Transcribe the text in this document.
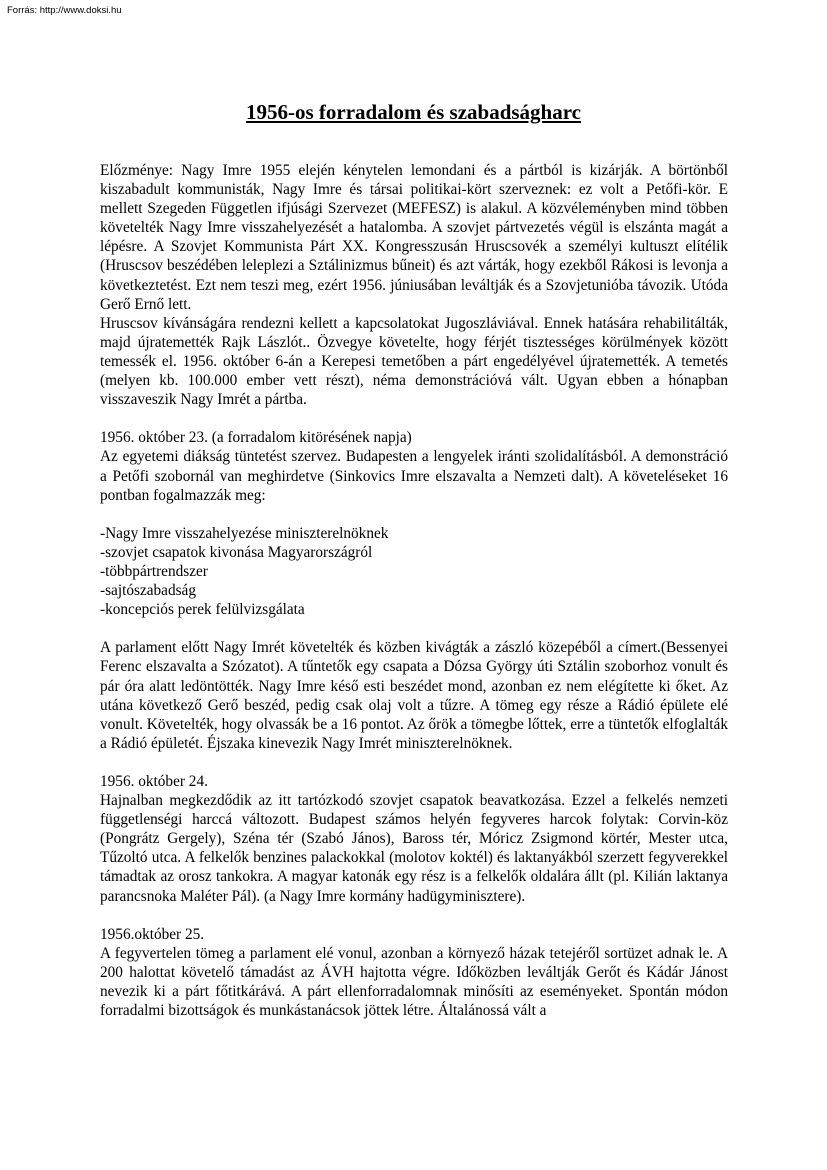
Forrás: http://www.doksi.hu
1956-os forradalom és szabadságharc

Előzménye: Nagy Imre 1955 elején kénytelen lemondani és a pártból is kizárják. A börtönből kiszabadult kommunisták, Nagy Imre és társai politikai-kört szerveznek: ez volt a Petőfi-kör. E mellett Szegeden Független ifjúsági Szervezet (MEFESZ) is alakul. A közvéleményben mind többen követelték Nagy Imre visszahelyezését a hatalomba. A szovjet pártvezetés végül is elszánta magát a lépésre. A Szovjet Kommunista Párt XX. Kongresszusán Hruscsovék a személyi kultuszt elítélik (Hruscsov beszédében leleplezi a Sztálinizmus bűneit) és azt várták, hogy ezekből Rákosi is levonja a következtetést. Ezt nem teszi meg, ezért 1956. júniusában leváltják és a Szovjetunióba távozik. Utóda Gerő Ernő lett.

Hruscsov kívánságára rendezni kellett a kapcsolatokat Jugoszláviával. Ennek hatására rehabilitálták, majd újratemették Rajk Lászlót.. Özvegye követelte, hogy férjét tisztességes körülmények között temessék el. 1956. október 6-án a Kerepesi temetőben a párt engedélyével újratemették. A temetés (melyen kb. 100.000 ember vett részt), néma demonstrációvá vált. Ugyan ebben a hónapban visszaveszik Nagy Imrét a pártba.

1956. október 23. (a forradalom kitörésének napja)

Az egyetemi diákság tüntetést szervez. Budapesten a lengyelek iránti szolidalításból. A demonstráció a Petőfi szobornál van meghirdetve (Sinkovics Imre elszavalta a Nemzeti dalt). A követeléseket 16 pontban fogalmazzák meg:

-Nagy Imre visszahelyezése miniszterelnöknek

-szovjet csapatok kivonása Magyarországról

-többpártrendszer

-sajtószabadság

-koncepciós perek felülvizsgálata

A parlament előtt Nagy Imrét követelték és közben kivágták a zászló közepéből a címert.(Bessenyei Ferenc elszavalta a Szózatot). A tűntetők egy csapata a Dózsa György úti Sztálin szoborhoz vonult és pár óra alatt ledöntötték. Nagy Imre késő esti beszédet mond, azonban ez nem elégítette ki őket. Az utána következő Gerő beszéd, pedig csak olaj volt a tűzre. A tömeg egy része a Rádió épülete elé vonult. Követelték, hogy olvassák be a 16 pontot. Az őrök a tömegbe lőttek, erre a tüntetők elfoglalták a Rádió épületét. Éjszaka kinevezik Nagy Imrét miniszterelnöknek.

1956. október 24.

Hajnalban megkezdődik az itt tartózkodó szovjet csapatok beavatkozása. Ezzel a felkelés nemzeti függetlenségi harccá változott. Budapest számos helyén fegyveres harcok folytak: Corvin-köz (Pongrátz Gergely), Széna tér (Szabó János), Baross tér, Móricz Zsigmond körtér, Mester utca, Tűzoltó utca. A felkelők benzines palackokkal (molotov koktél) és laktanyákból szerzett fegyverekkel támadtak az orosz tankokra. A magyar katonák egy rész is a felkelők oldalára állt (pl. Kilián laktanya parancsnoka Maléter Pál). (a Nagy Imre kormány hadügyminisztere).

1956.október 25.

A fegyvertelen tömeg a parlament elé vonul, azonban a környező házak tetejéről sortüzet adnak le. A 200 halottat követelő támadást az ÁVH hajtotta végre. Időközben leváltják Gerőt és Kádár Jánost nevezik ki a párt főtitkárává. A párt ellenforradalomnak minősíti az eseményeket. Spontán módon forradalmi bizottságok és munkástanácsok jöttek létre. Általánossá vált a
